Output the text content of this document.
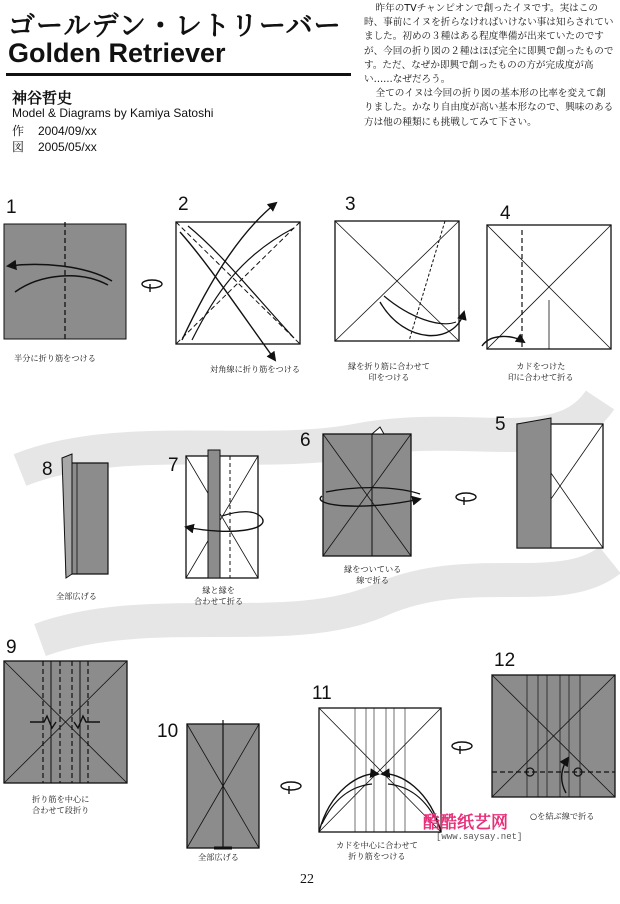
ゴールデン・レトリーバー
Golden Retriever
神谷哲史
Model & Diagrams by Kamiya Satoshi
作 2004/09/xx
図 2005/05/xx

昨年のTVチャンピオンで創ったイヌです。実はこの時、事前にイヌを折らなければいけない事は知らされていました。初めの３種はある程度準備が出来ていたのですが、今回の折り図の２種はほぼ完全に即興で創ったものです。ただ、なぜか即興で創ったものの方が完成度が高い……なぜだろう。

全てのイヌは今回の折り図の基本形の比率を変えて創りました。かなり自由度が高い基本形なので、興味のある方は他の種類にも挑戦してみて下さい。

1	2	3	4
5
6
7
8
9
10
11
12
半分に折り筋をつける
対角線に折り筋をつける	縁を折り筋に合わせて
印をつける
カドをつけた
印に合わせて折る
縁をついている
線で折る
縁と縁を
合わせて折る
全部広げる
折り筋を中心に
合わせて段折り
全部広げる
カドを中心に合わせて
折り筋をつける
○を結ぶ線で折る
酷酷纸艺网
[www.saysay.net]
22
